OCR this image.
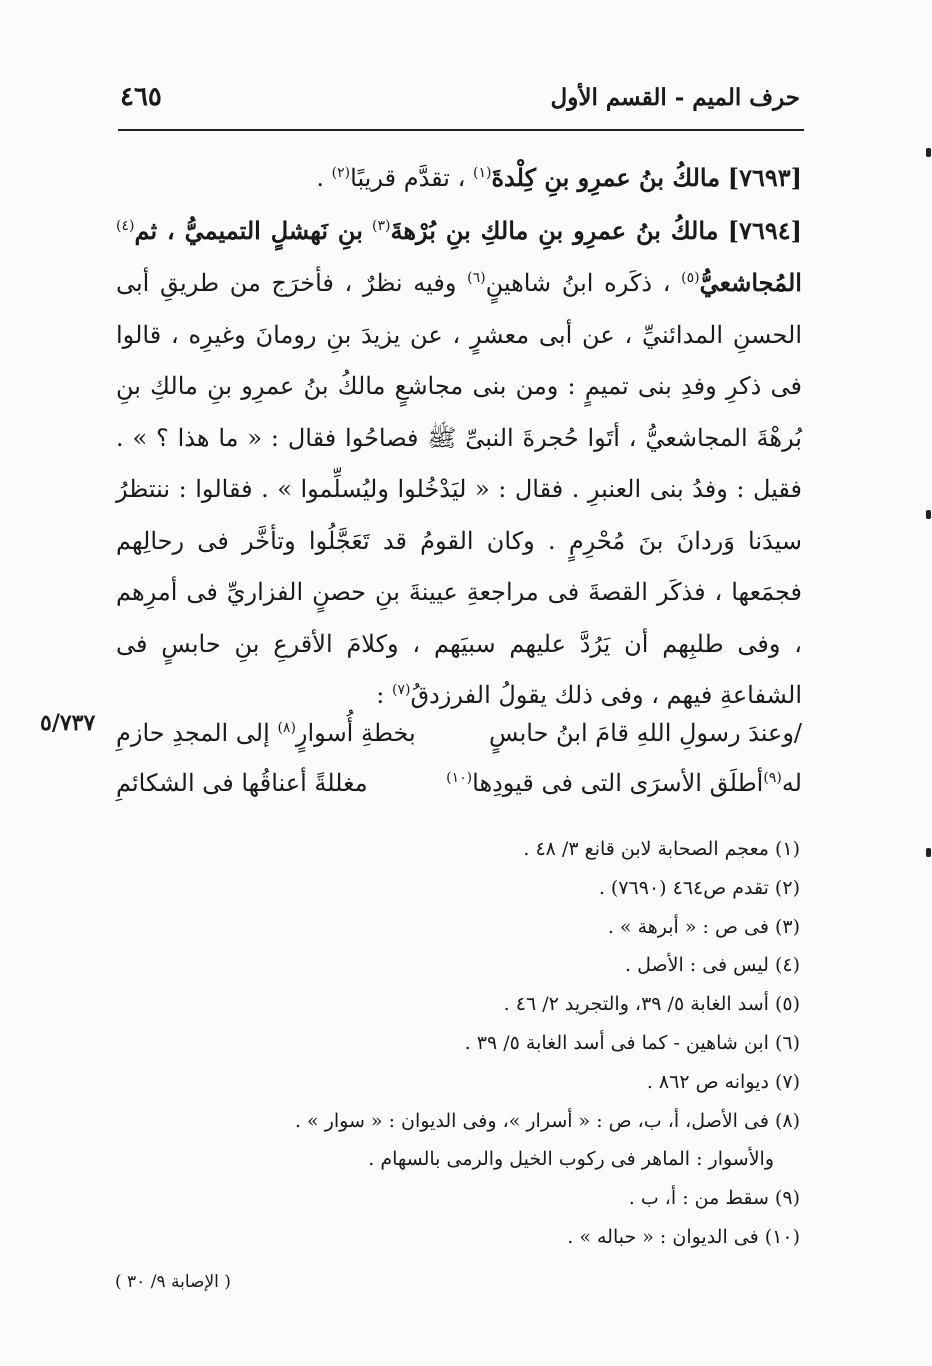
٤٦٥	حرف الميم - القسم الأول

[٧٦٩٣] مالكُ بنُ عمرِو بنِ كِلْدةَ$^{(١)}$ ، تقدَّم قريبًا$^{(٢)}$ .

[٧٦٩٤] مالكُ بنُ عمرِو بنِ مالكِ بنِ بُرْهةَ$^{(٣)}$ بنِ نَهشلٍ التميميُّ ، ثم$^{(٤)}$ المُجاشعيُّ$^{(٥)}$ ، ذكَره ابنُ شاهينٍ$^{(٦)}$ وفيه نظرٌ ، فأخرَج من طريقِ أبى الحسنِ المدائنيِّ ، عن أبى معشرٍ ، عن يزيدَ بنِ رومانَ وغيرِه ، قالوا فى ذكرِ وفدِ بنى تميمٍ : ومن بنى مجاشعٍ مالكُ بنُ عمرِو بنِ مالكِ بنِ بُرهْةَ المجاشعيُّ ، أتَوا حُجرةَ النبىِّ ﷺ فصاحُوا فقال : « ما هذا ؟ » . فقيل : وفدُ بنى العنبرِ . فقال : « ليَدْخُلوا وليُسلِّموا » . فقالوا : ننتظرُ سيدَنا وَردانَ بنَ مُحْرِمٍ . وكان القومُ قد تَعَجَّلُوا وتأخَّر فى رحالِهم فجمَعها ، فذكَر القصةَ فى مراجعةِ عيينةَ بنِ حصنٍ الفزاريِّ فى أمرِهم ، وفى طلبِهم أن يَرُدَّ عليهم سبيَهم ، وكلامَ الأقرعِ بنِ حابسٍ فى الشفاعةِ فيهم ، وفى ذلك يقولُ الفرزدقُ$^{(٧)}$ :

٥/٧٣٧	/وعندَ رسولِ اللهِ قامَ ابنُ حابسٍ
بخطةِ أُسوارٍ$^{(٨)}$ إلى المجدِ حازمِ
له$^{(٩)}$أطلَق الأسرَى التى فى قيودِها$^{(١٠)}$
مغللةً أعناقُها فى الشكائمِ
(١) معجم الصحابة لابن قانع ٣/ ٤٨ .
(٢) تقدم ص٤٦٤ (٧٦٩٠) .
(٣) فى ص : « أبرهة » .
(٤) ليس فى : الأصل .
(٥) أسد الغابة ٥/ ٣٩، والتجريد ٢/ ٤٦ .
(٦) ابن شاهين - كما فى أسد الغابة ٥/ ٣٩ .
(٧) ديوانه ص ٨٦٢ .
(٨) فى الأصل، أ، ب، ص : « أسرار »، وفى الديوان : « سوار » .
والأسوار : الماهر فى ركوب الخيل والرمى بالسهام .
(٩) سقط من : أ، ب .
(١٠) فى الديوان : « حباله » .
( الإصابة ٩/ ٣٠ )
